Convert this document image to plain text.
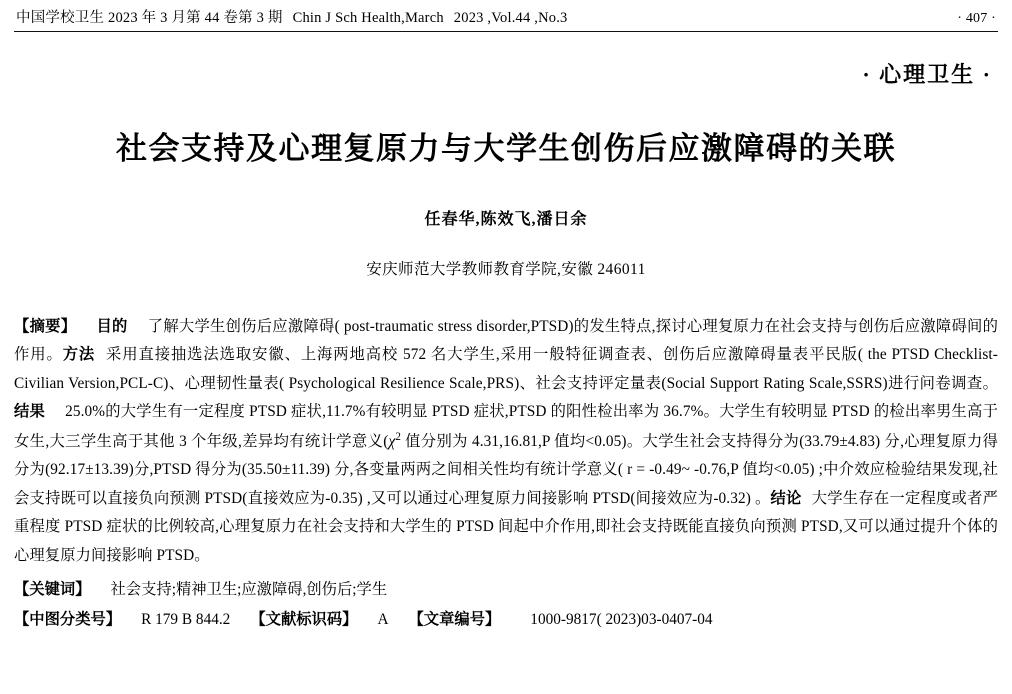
中国学校卫生 2023 年 3 月第 44 卷第 3 期 Chin J Sch Health,March 2023 ,Vol.44 ,No.3	· 407 ·
· 心理卫生 ·
社会支持及心理复原力与大学生创伤后应激障碍的关联
任春华,陈效飞,潘日余
安庆师范大学教师教育学院,安徽 246011

【摘要】 目的 了解大学生创伤后应激障碍( post-traumatic stress disorder,PTSD)的发生特点,探讨心理复原力在社会支持与创伤后应激障碍间的作用。方法 采用直接抽选法选取安徽、上海两地高校 572 名大学生,采用一般特征调查表、创伤后应激障碍量表平民版( the PTSD Checklist-Civilian Version,PCL-C)、心理韧性量表( Psychological Resilience Scale,PRS)、社会支持评定量表(Social Support Rating Scale,SSRS)进行问卷调查。结果 25.0%的大学生有一定程度 PTSD 症状,11.7%有较明显 PTSD 症状,PTSD 的阳性检出率为 36.7%。大学生有较明显 PTSD 的检出率男生高于女生,大三学生高于其他 3 个年级,差异均有统计学意义($\chi^2$ 值分别为 4.31,16.81,P 值均<0.05)。大学生社会支持得分为(33.79±4.83) 分,心理复原力得分为(92.17±13.39)分,PTSD 得分为(35.50±11.39) 分,各变量两两之间相关性均有统计学意义( r = -0.49~ -0.76,P 值均<0.05) ;中介效应检验结果发现,社会支持既可以直接负向预测 PTSD(直接效应为-0.35) ,又可以通过心理复原力间接影响 PTSD(间接效应为-0.32) 。结论 大学生存在一定程度或者严重程度 PTSD 症状的比例较高,心理复原力在社会支持和大学生的 PTSD 间起中介作用,即社会支持既能直接负向预测 PTSD,又可以通过提升个体的心理复原力间接影响 PTSD。

【关键词】 社会支持;精神卫生;应激障碍,创伤后;学生
【中图分类号】 R 179 B 844.2 【文献标识码】 A 【文章编号】 1000-9817( 2023)03-0407-04
